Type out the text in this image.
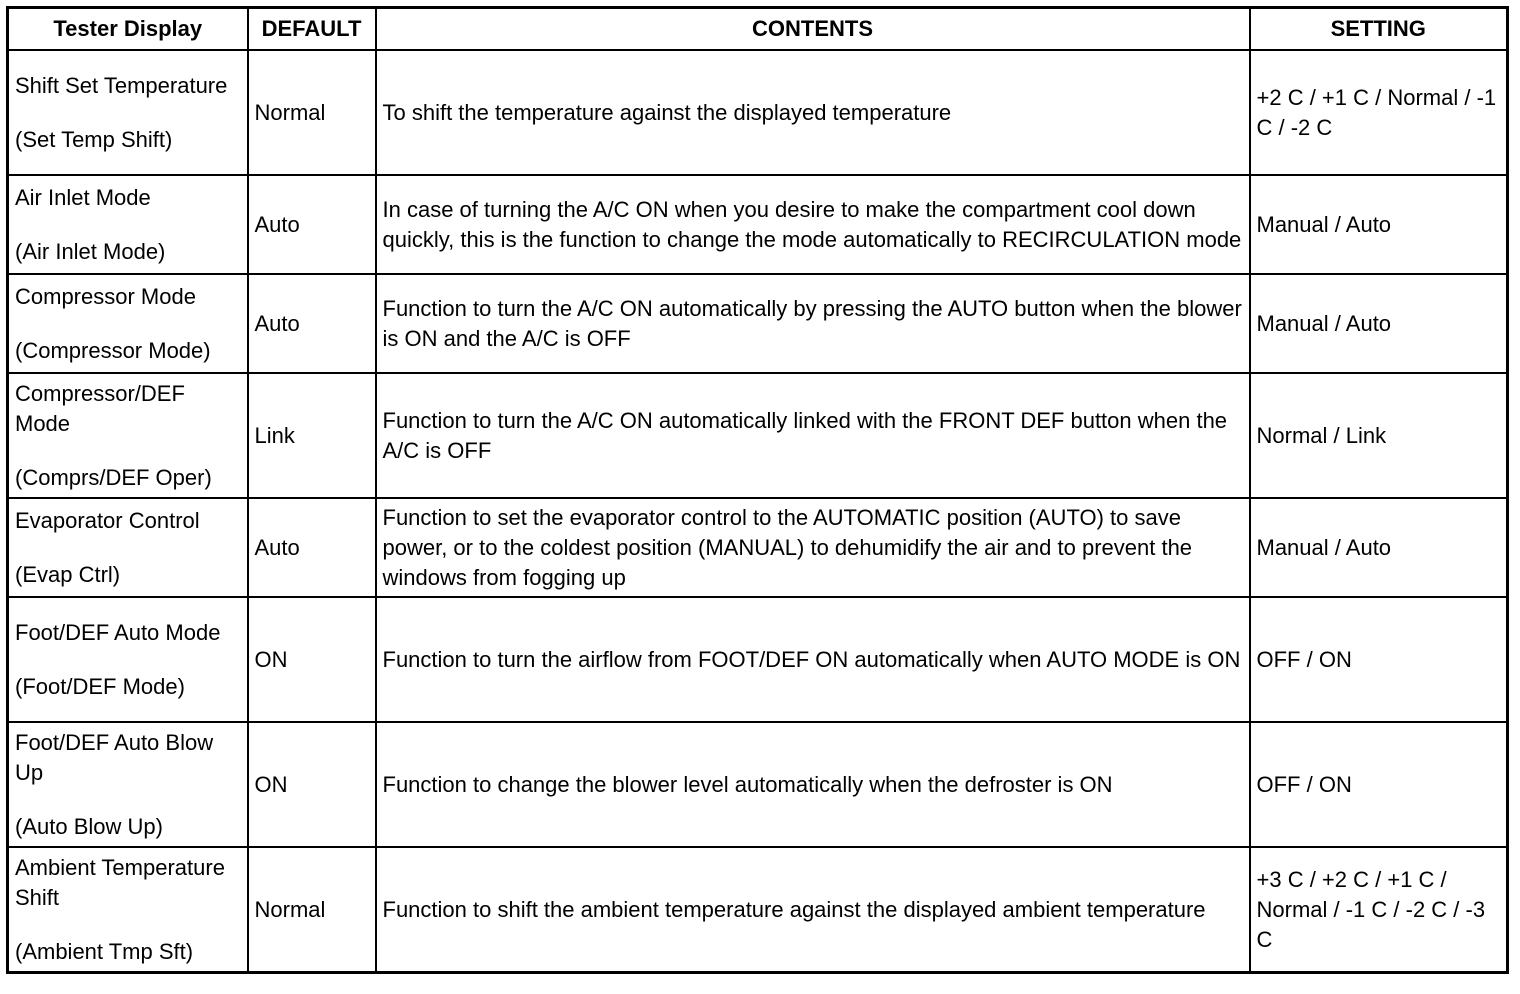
Tester Display	DEFAULT	CONTENTS	SETTING

Shift Set Temperature
(Set Temp Shift)	Normal	To shift the temperature against the displayed temperature	+2 C / +1 C / Normal / -1 C / -2 C

Air Inlet Mode
(Air Inlet Mode)	Auto	In case of turning the A/C ON when you desire to make the compartment cool down quickly, this is the function to change the mode automatically to RECIRCULATION mode	Manual / Auto

Compressor Mode
(Compressor Mode)	Auto	Function to turn the A/C ON automatically by pressing the AUTO button when the blower is ON and the A/C is OFF	Manual / Auto

Compressor/DEF Mode
(Comprs/DEF Oper)	Link	Function to turn the A/C ON automatically linked with the FRONT DEF button when the A/C is OFF	Normal / Link

Evaporator Control
(Evap Ctrl)	Auto	Function to set the evaporator control to the AUTOMATIC position (AUTO) to save power, or to the coldest position (MANUAL) to dehumidify the air and to prevent the windows from fogging up	Manual / Auto

Foot/DEF Auto Mode
(Foot/DEF Mode)	ON	Function to turn the airflow from FOOT/DEF ON automatically when AUTO MODE is ON	OFF / ON

Foot/DEF Auto Blow Up
(Auto Blow Up)	ON	Function to change the blower level automatically when the defroster is ON	OFF / ON

Ambient Temperature Shift
(Ambient Tmp Sft)	Normal	Function to shift the ambient temperature against the displayed ambient temperature	+3 C / +2 C / +1 C / Normal / -1 C / -2 C / -3 C
